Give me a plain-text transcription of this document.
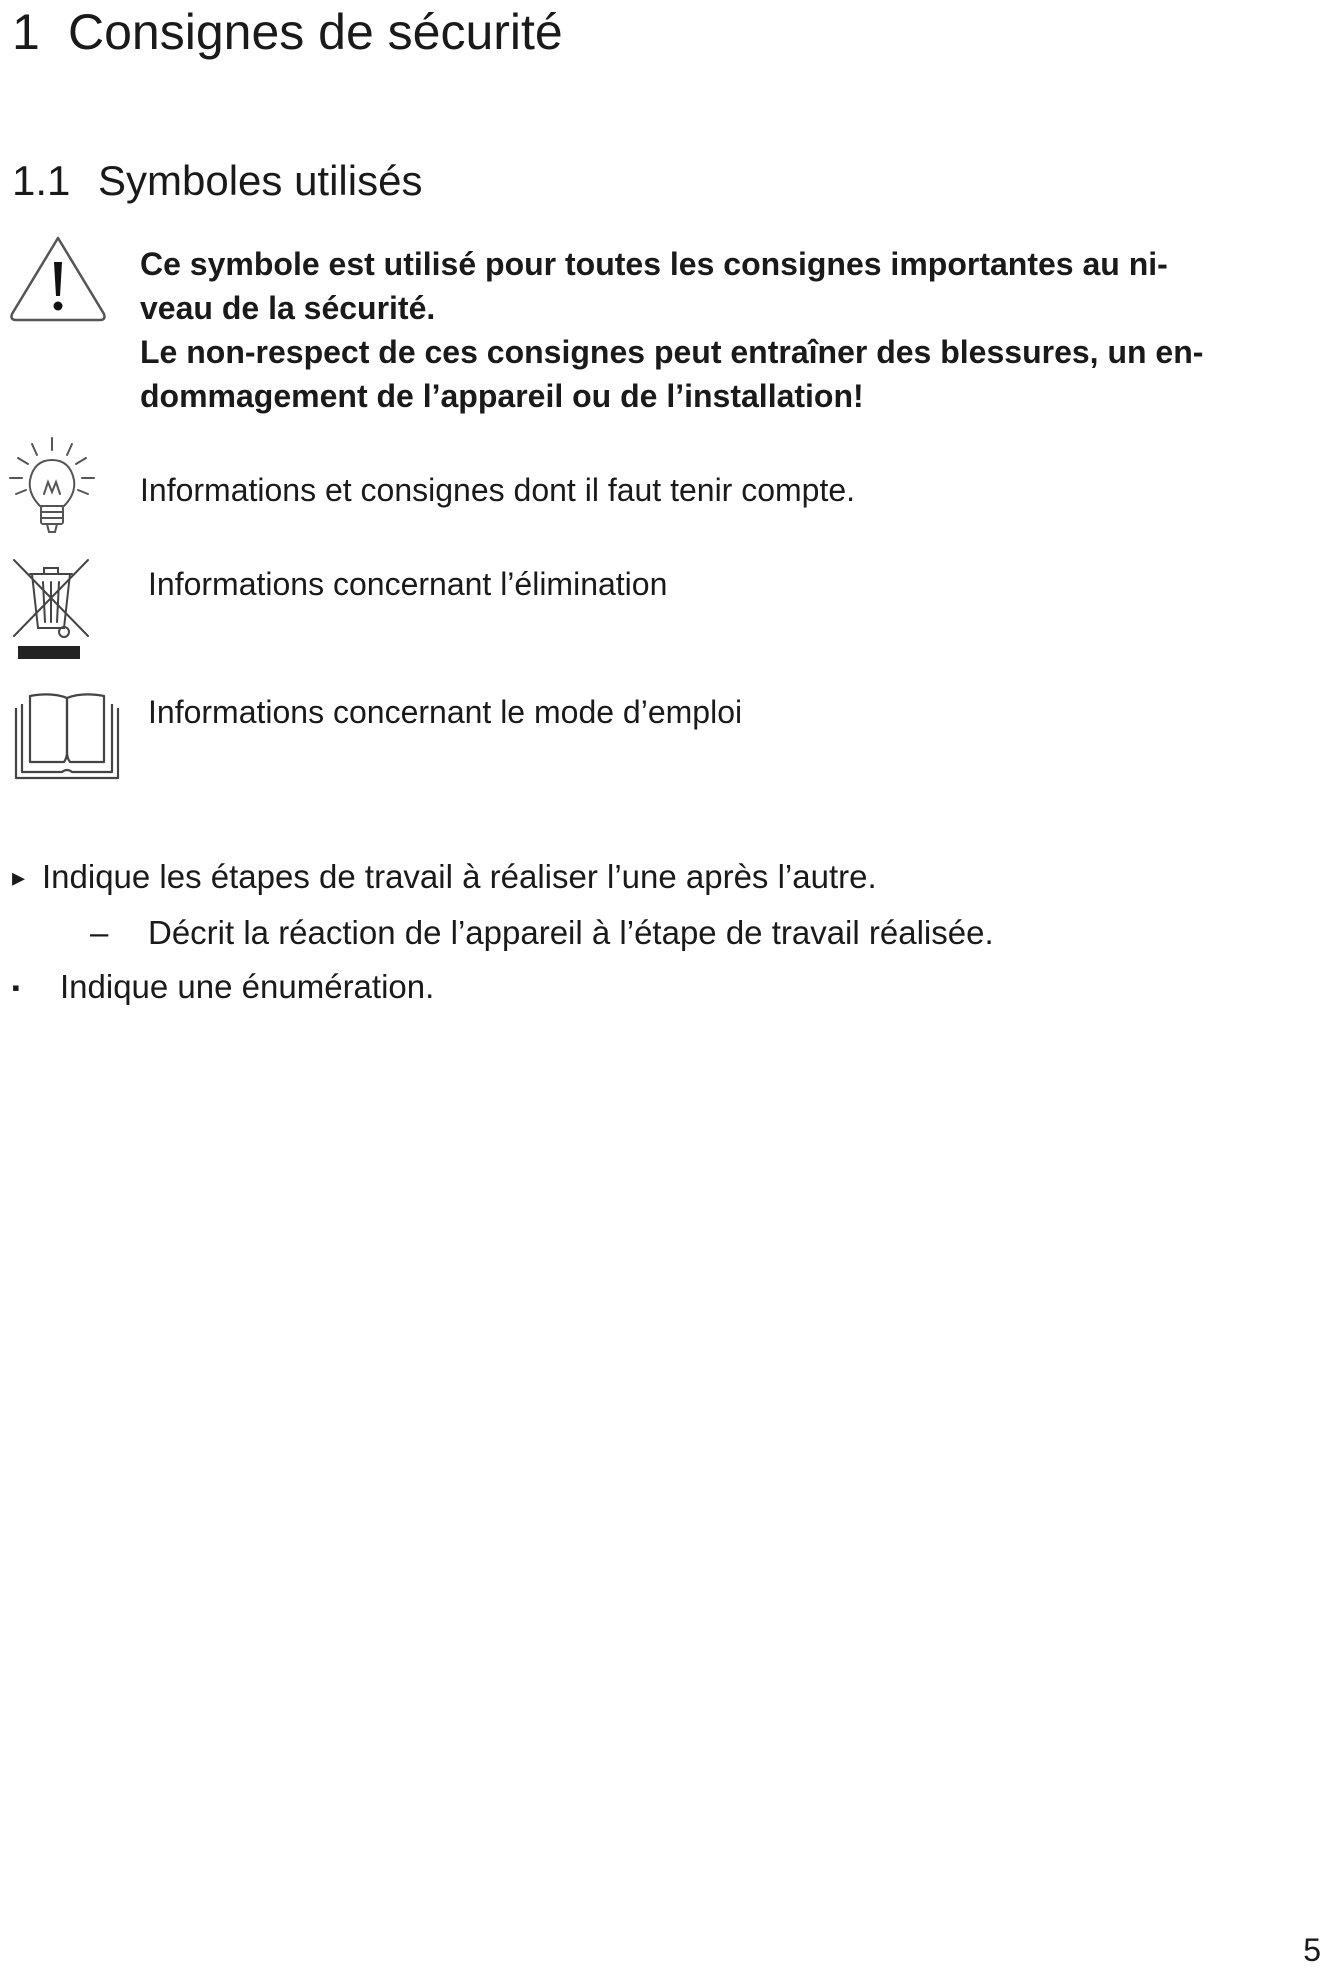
1 Consignes de sécurité
1.1 Symboles utilisés
Ce symbole est utilisé pour toutes les consignes importantes au ni-
veau de la sécurité.
Le non-respect de ces consignes peut entraîner des blessures, un en-
dommagement de l’appareil ou de l’installation!
Informations et consignes dont il faut tenir compte.
Informations concernant l’élimination
Informations concernant le mode d’emploi
▸ Indique les étapes de travail à réaliser l’une après l’autre.
– Décrit la réaction de l’appareil à l’étape de travail réalisée.
▪ Indique une énumération.
5
